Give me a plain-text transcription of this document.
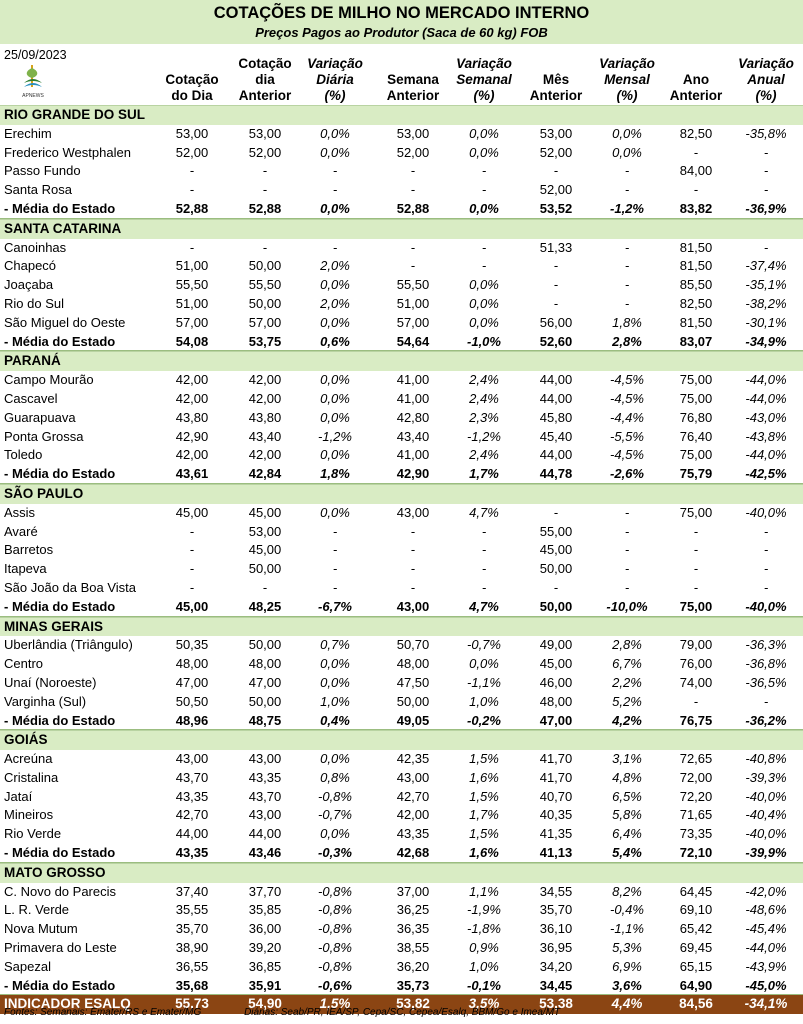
COTAÇÕES DE MILHO NO MERCADO INTERNO
Preços Pagos ao Produtor (Saca de 60 kg) FOB
25/09/2023
APNEWS
Cotação
do Dia
Cotação
dia
Anterior
Variação
Diária
(%)
Semana
Anterior
Variação
Semanal
(%)
Mês
Anterior
Variação
Mensal
(%)
Ano
Anterior
Variação
Anual
(%)
RIO GRANDE DO SUL
Erechim	53,00	53,00	0,0%	53,00	0,0%	53,00	0,0%	82,50	-35,8%
Frederico Westphalen	52,00	52,00	0,0%	52,00	0,0%	52,00	0,0%	-	-
Passo Fundo	-	-	-	-	-	-	-	84,00	-
Santa Rosa	-	-	-	-	-	52,00	-	-	-
- Média do Estado	52,88	52,88	0,0%	52,88	0,0%	53,52	-1,2%	83,82	-36,9%
SANTA CATARINA
Canoinhas	-	-	-	-	-	51,33	-	81,50	-
Chapecó	51,00	50,00	2,0%	-	-	-	-	81,50	-37,4%
Joaçaba	55,50	55,50	0,0%	55,50	0,0%	-	-	85,50	-35,1%
Rio do Sul	51,00	50,00	2,0%	51,00	0,0%	-	-	82,50	-38,2%
São Miguel do Oeste	57,00	57,00	0,0%	57,00	0,0%	56,00	1,8%	81,50	-30,1%
- Média do Estado	54,08	53,75	0,6%	54,64	-1,0%	52,60	2,8%	83,07	-34,9%
PARANÁ
Campo Mourão	42,00	42,00	0,0%	41,00	2,4%	44,00	-4,5%	75,00	-44,0%
Cascavel	42,00	42,00	0,0%	41,00	2,4%	44,00	-4,5%	75,00	-44,0%
Guarapuava	43,80	43,80	0,0%	42,80	2,3%	45,80	-4,4%	76,80	-43,0%
Ponta Grossa	42,90	43,40	-1,2%	43,40	-1,2%	45,40	-5,5%	76,40	-43,8%
Toledo	42,00	42,00	0,0%	41,00	2,4%	44,00	-4,5%	75,00	-44,0%
- Média do Estado	43,61	42,84	1,8%	42,90	1,7%	44,78	-2,6%	75,79	-42,5%
SÃO PAULO
Assis	45,00	45,00	0,0%	43,00	4,7%	-	-	75,00	-40,0%
Avaré	-	53,00	-	-	-	55,00	-	-	-
Barretos	-	45,00	-	-	-	45,00	-	-	-
Itapeva	-	50,00	-	-	-	50,00	-	-	-
São João da Boa Vista	-	-	-	-	-	-	-	-	-
- Média do Estado	45,00	48,25	-6,7%	43,00	4,7%	50,00	-10,0%	75,00	-40,0%
MINAS GERAIS
Uberlândia (Triângulo)	50,35	50,00	0,7%	50,70	-0,7%	49,00	2,8%	79,00	-36,3%
Centro	48,00	48,00	0,0%	48,00	0,0%	45,00	6,7%	76,00	-36,8%
Unaí (Noroeste)	47,00	47,00	0,0%	47,50	-1,1%	46,00	2,2%	74,00	-36,5%
Varginha (Sul)	50,50	50,00	1,0%	50,00	1,0%	48,00	5,2%	-	-
- Média do Estado	48,96	48,75	0,4%	49,05	-0,2%	47,00	4,2%	76,75	-36,2%
GOIÁS
Acreúna	43,00	43,00	0,0%	42,35	1,5%	41,70	3,1%	72,65	-40,8%
Cristalina	43,70	43,35	0,8%	43,00	1,6%	41,70	4,8%	72,00	-39,3%
Jataí	43,35	43,70	-0,8%	42,70	1,5%	40,70	6,5%	72,20	-40,0%
Mineiros	42,70	43,00	-0,7%	42,00	1,7%	40,35	5,8%	71,65	-40,4%
Rio Verde	44,00	44,00	0,0%	43,35	1,5%	41,35	6,4%	73,35	-40,0%
- Média do Estado	43,35	43,46	-0,3%	42,68	1,6%	41,13	5,4%	72,10	-39,9%
MATO GROSSO
C. Novo do Parecis	37,40	37,70	-0,8%	37,00	1,1%	34,55	8,2%	64,45	-42,0%
L. R. Verde	35,55	35,85	-0,8%	36,25	-1,9%	35,70	-0,4%	69,10	-48,6%
Nova Mutum	35,70	36,00	-0,8%	36,35	-1,8%	36,10	-1,1%	65,42	-45,4%
Primavera do Leste	38,90	39,20	-0,8%	38,55	0,9%	36,95	5,3%	69,45	-44,0%
Sapezal	36,55	36,85	-0,8%	36,20	1,0%	34,20	6,9%	65,15	-43,9%
- Média do Estado	35,68	35,91	-0,6%	35,73	-0,1%	34,45	3,6%	64,90	-45,0%
INDICADOR ESALQ	55,73	54,90	1,5%	53,82	3,5%	53,38	4,4%	84,56	-34,1%
Fontes: Semanais: Emater/RS e Emater/MG	Diárias: Seab/PR, IEA/SP, Cepa/SC, Cepea/Esalq, BBM/Go e Imea/MT
